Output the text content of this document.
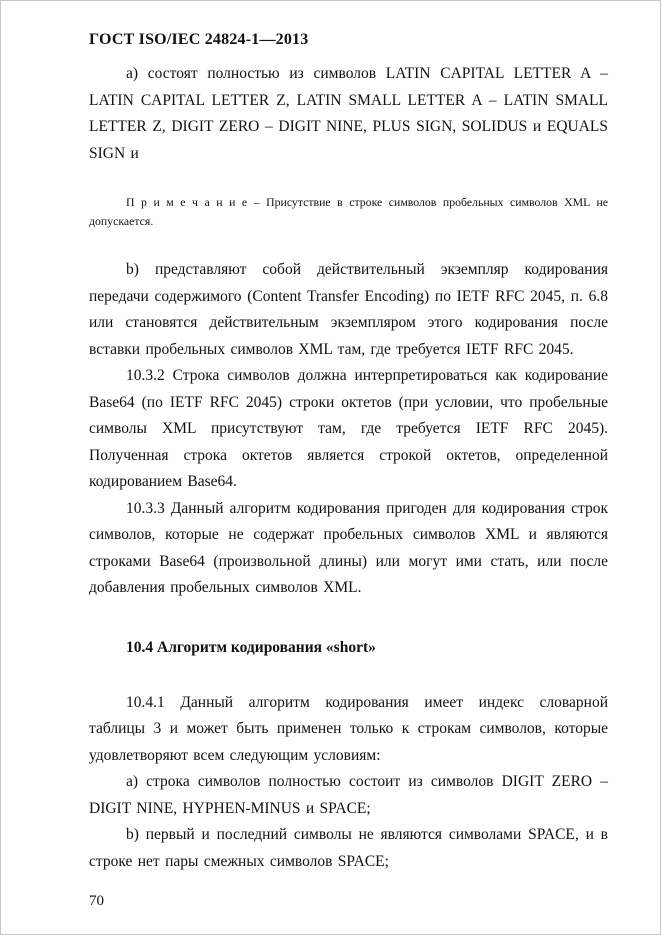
ГОСТ ISO/IEC 24824-1—2013

a) состоят полностью из символов LATIN CAPITAL LETTER A – LATIN CAPITAL LETTER Z, LATIN SMALL LETTER A – LATIN SMALL LETTER Z, DIGIT ZERO – DIGIT NINE, PLUS SIGN, SOLIDUS и EQUALS SIGN и

П р и м е ч а н и е – Присутствие в строке символов пробельных символов XML не допускается.

b) представляют собой действительный экземпляр кодирования передачи содержимого (Content Transfer Encoding) по IETF RFC 2045, п. 6.8 или становятся действительным экземпляром этого кодирования после вставки пробельных символов XML там, где требуется IETF RFC 2045.

10.3.2 Строка символов должна интерпретироваться как кодирование Base64 (по IETF RFC 2045) строки октетов (при условии, что пробельные символы XML присутствуют там, где требуется IETF RFC 2045). Полученная строка октетов является строкой октетов, определенной кодированием Base64.

10.3.3 Данный алгоритм кодирования пригоден для кодирования строк символов, которые не содержат пробельных символов XML и являются строками Base64 (произвольной длины) или могут ими стать, или после добавления пробельных символов XML.

10.4 Алгоритм кодирования «short»

10.4.1 Данный алгоритм кодирования имеет индекс словарной таблицы 3 и может быть применен только к строкам символов, которые удовлетворяют всем следующим условиям:

a) строка символов полностью состоит из символов DIGIT ZERO – DIGIT NINE, HYPHEN-MINUS и SPACE;

b) первый и последний символы не являются символами SPACE, и в строке нет пары смежных символов SPACE;

70
